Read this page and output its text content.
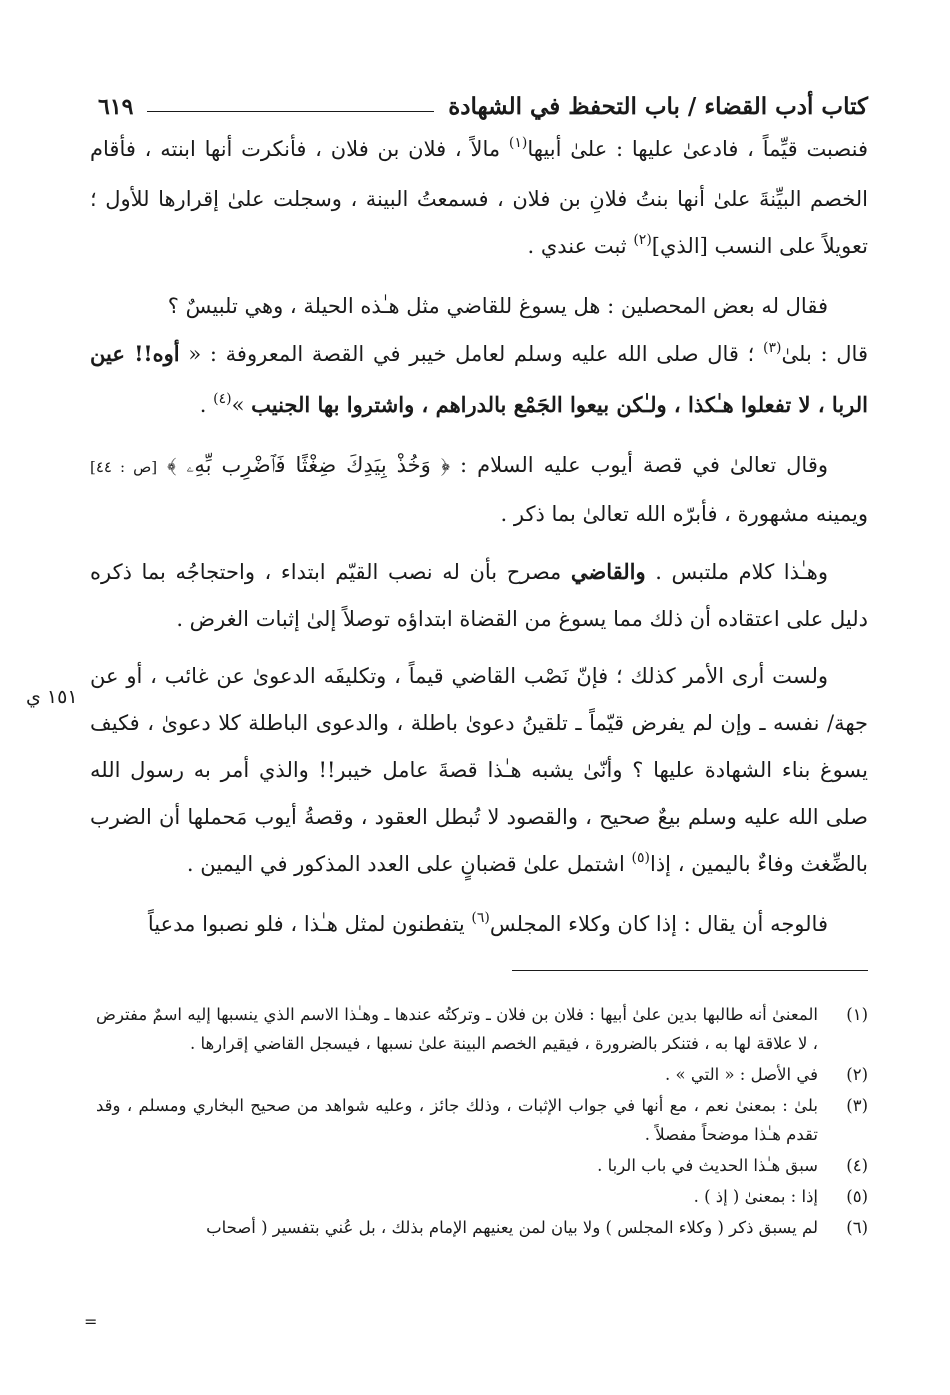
كتاب أدب القضاء / باب التحفظ في الشهادة
٦١٩

فنصبت قيِّماً ، فادعىٰ عليها : علىٰ أبيها$^{(١)}$ مالاً ، فلان بن فلان ، فأنكرت أنها ابنته ، فأقام الخصم البيِّنةَ علىٰ أنها بنتُ فلانِ بن فلان ، فسمعتُ البينة ، وسجلت علىٰ إقرارها للأول ؛ تعويلاً على النسب [الذي]$^{(٢)}$ ثبت عندي .

فقال له بعض المحصلين : هل يسوغ للقاضي مثل هـٰذه الحيلة ، وهي تلبيسٌ ؟
قال : بلىٰ$^{(٣)}$ ؛ قال صلى الله عليه وسلم لعامل خيبر في القصة المعروفة : « أوه!! عين الربا ، لا تفعلوا هـٰكذا ، ولـٰكن بيعوا الجَمْع بالدراهم ، واشتروا بها الجنيب »$^{(٤)}$ .

وقال تعالىٰ في قصة أيوب عليه السلام : ﴿ وَخُذْ بِيَدِكَ ضِغْثًا فَٱضْرِب بِّهِۦ ﴾ [ص : ٤٤] ويمينه مشهورة ، فأبرّه الله تعالىٰ بما ذكر .

وهـٰذا كلام ملتبس . والقاضي مصرح بأن له نصب القيّم ابتداء ، واحتجاجُه بما ذكره دليل على اعتقاده أن ذلك مما يسوغ من القضاة ابتداؤه توصلاً إلىٰ إثبات الغرض .

ولست أرى الأمر كذلك ؛ فإنّ نَصْب القاضي قيماً ، وتكليفَه الدعوىٰ عن غائب ، أو عن جهة/ نفسه ـ وإن لم يفرض قيّماً ـ تلقينُ دعوىٰ باطلة ، والدعوى الباطلة كلا دعوىٰ ، فكيف يسوغ بناء الشهادة عليها ؟ وأنّىٰ يشبه هـٰذا قصةَ عامل خيبر!! والذي أمر به رسول الله صلى الله عليه وسلم بيعٌ صحيح ، والقصود لا تُبطل العقود ، وقصةُ أيوب مَحملها أن الضرب بالضِّغث وفاءٌ باليمين ، إذا$^{(٥)}$ اشتمل علىٰ قضبانٍ على العدد المذكور في اليمين .

فالوجه أن يقال : إذا كان وكلاء المجلس$^{(٦)}$ يتفطنون لمثل هـٰذا ، فلو نصبوا مدعياً

١٥١ ي
(١)
المعنىٰ أنه طالبها بدين علىٰ أبيها : فلان بن فلان ـ وتركتُه عندها ـ وهـٰذا الاسم الذي ينسبها إليه اسمٌ مفترض ، لا علاقة لها به ، فتنكر بالضرورة ، فيقيم الخصم البينة علىٰ نسبها ، فيسجل القاضي إقرارها .
(٢)
في الأصل : « التي » .
(٣)
بلىٰ : بمعنىٰ نعم ، مع أنها في جواب الإثبات ، وذلك جائز ، وعليه شواهد من صحيح البخاري ومسلم ، وقد تقدم هـٰذا موضحاً مفصلاً .
(٤)
سبق هـٰذا الحديث في باب الربا .
(٥)
إذا : بمعنىٰ ( إذ ) .
(٦)
لم يسبق ذكر ( وكلاء المجلس ) ولا بيان لمن يعنيهم الإمام بذلك ، بل عُني بتفسير ( أصحاب
=
